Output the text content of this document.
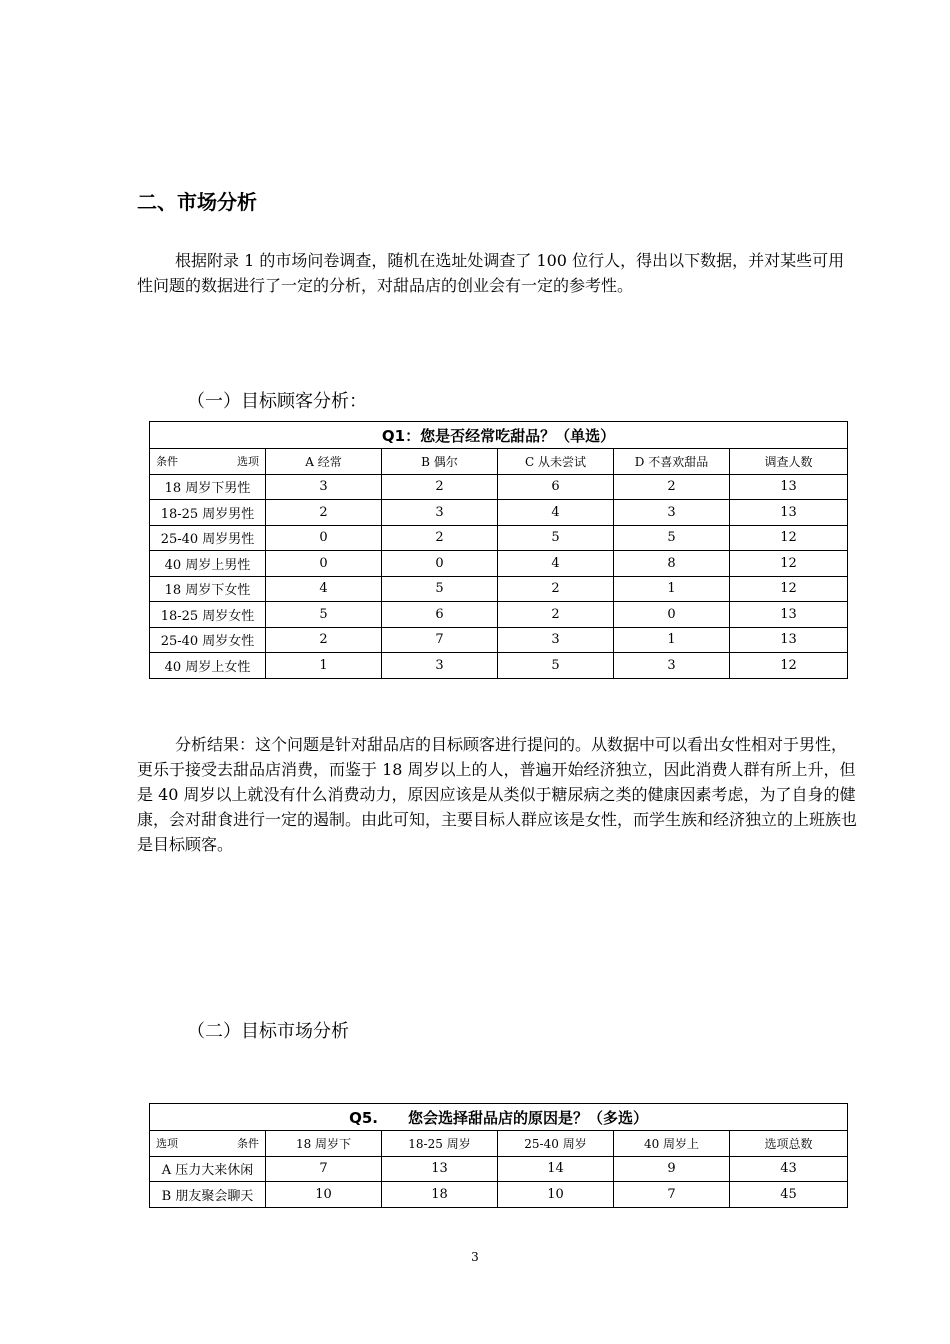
二、市场分析
根据附录 1 的市场问卷调查，随机在选址处调查了 100 位行人，得出以下数据，并对某些可用性问题的数据进行了一定的分析，对甜品店的创业会有一定的参考性。
（一）目标顾客分析：
Q1：您是否经常吃甜品？（单选）					
条件 选项	A 经常	B 偶尔	C 从未尝试	D 不喜欢甜品	调查人数
18 周岁下男性	3	2	6	2	13
18-25 周岁男性	2	3	4	3	13
25-40 周岁男性	0	2	5	5	12
40 周岁上男性	0	0	4	8	12
18 周岁下女性	4	5	2	1	12
18-25 周岁女性	5	6	2	0	13
25-40 周岁女性	2	7	3	1	13
40 周岁上女性	1	3	5	3	12
分析结果：这个问题是针对甜品店的目标顾客进行提问的。从数据中可以看出女性相对于男性，更乐于接受去甜品店消费，而鉴于 18 周岁以上的人，普遍开始经济独立，因此消费人群有所上升，但是 40 周岁以上就没有什么消费动力，原因应该是从类似于糖尿病之类的健康因素考虑，为了自身的健康，会对甜食进行一定的遏制。由此可知，主要目标人群应该是女性，而学生族和经济独立的上班族也是目标顾客。
（二）目标市场分析
Q5.　　您会选择甜品店的原因是？（多选）					
选项 条件	18 周岁下	18-25 周岁	25-40 周岁	40 周岁上	选项总数
A 压力大来休闲	7	13	14	9	43
B 朋友聚会聊天	10	18	10	7	45
3
